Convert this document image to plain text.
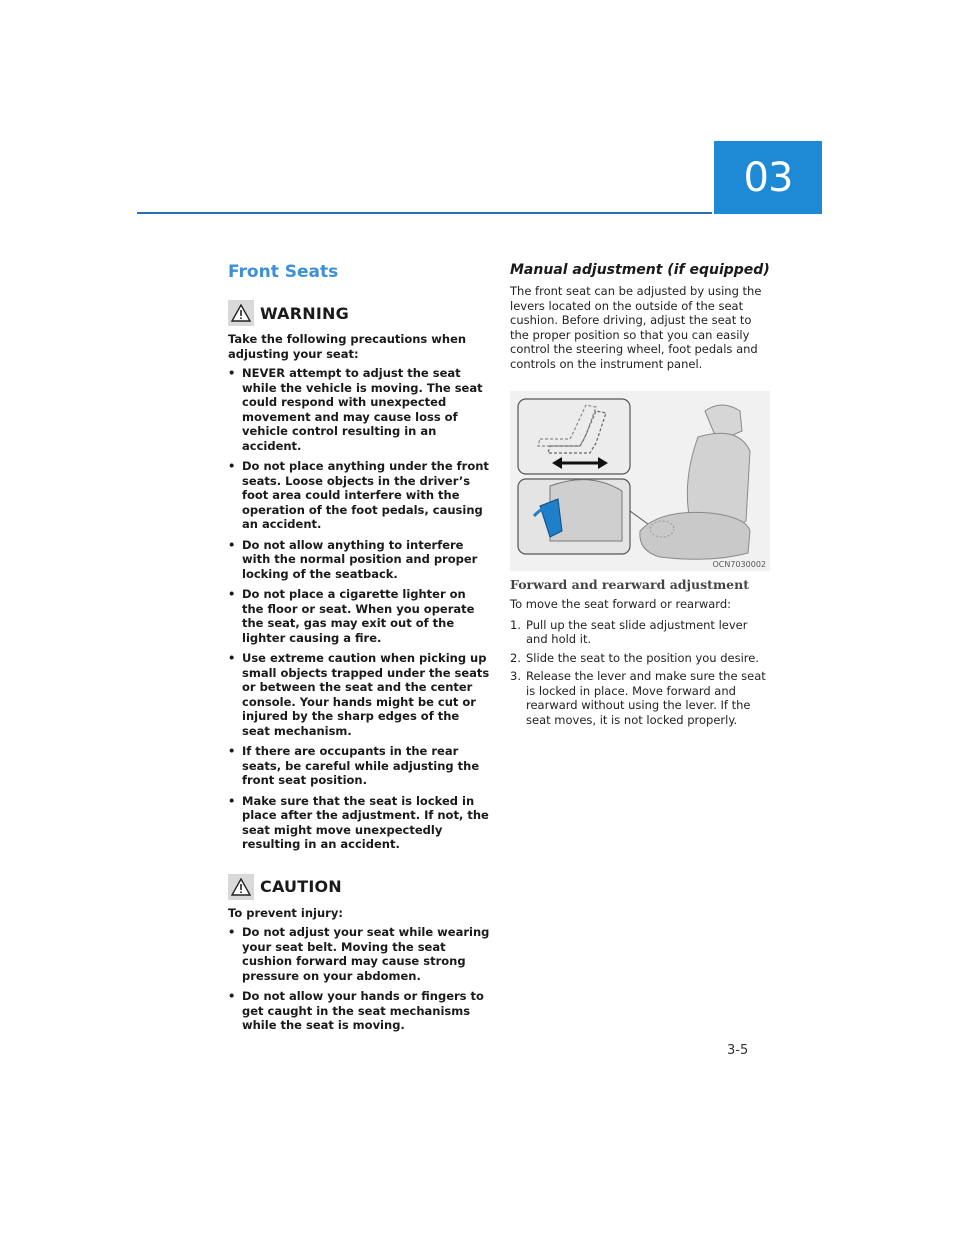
03
Front Seats
WARNING
Take the following precautions when adjusting your seat:
• NEVER attempt to adjust the seat while the vehicle is moving. The seat could respond with unexpected movement and may cause loss of vehicle control resulting in an accident.
• Do not place anything under the front seats. Loose objects in the driver’s foot area could interfere with the operation of the foot pedals, causing an accident.
• Do not allow anything to interfere with the normal position and proper locking of the seatback.
• Do not place a cigarette lighter on the floor or seat. When you operate the seat, gas may exit out of the lighter causing a fire.
• Use extreme caution when picking up small objects trapped under the seats or between the seat and the center console. Your hands might be cut or injured by the sharp edges of the seat mechanism.
• If there are occupants in the rear seats, be careful while adjusting the front seat position.
• Make sure that the seat is locked in place after the adjustment. If not, the seat might move unexpectedly resulting in an accident.
CAUTION
To prevent injury:
• Do not adjust your seat while wearing your seat belt. Moving the seat cushion forward may cause strong pressure on your abdomen.
• Do not allow your hands or fingers to get caught in the seat mechanisms while the seat is moving.
Manual adjustment (if equipped)

The front seat can be adjusted by using the levers located on the outside of the seat cushion. Before driving, adjust the seat to the proper position so that you can easily control the steering wheel, foot pedals and controls on the instrument panel.

OCN7030002
Forward and rearward adjustment

To move the seat forward or rearward:

1. Pull up the seat slide adjustment lever and hold it.
2. Slide the seat to the position you desire.
3. Release the lever and make sure the seat is locked in place. Move forward and rearward without using the lever. If the seat moves, it is not locked properly.
3-5
